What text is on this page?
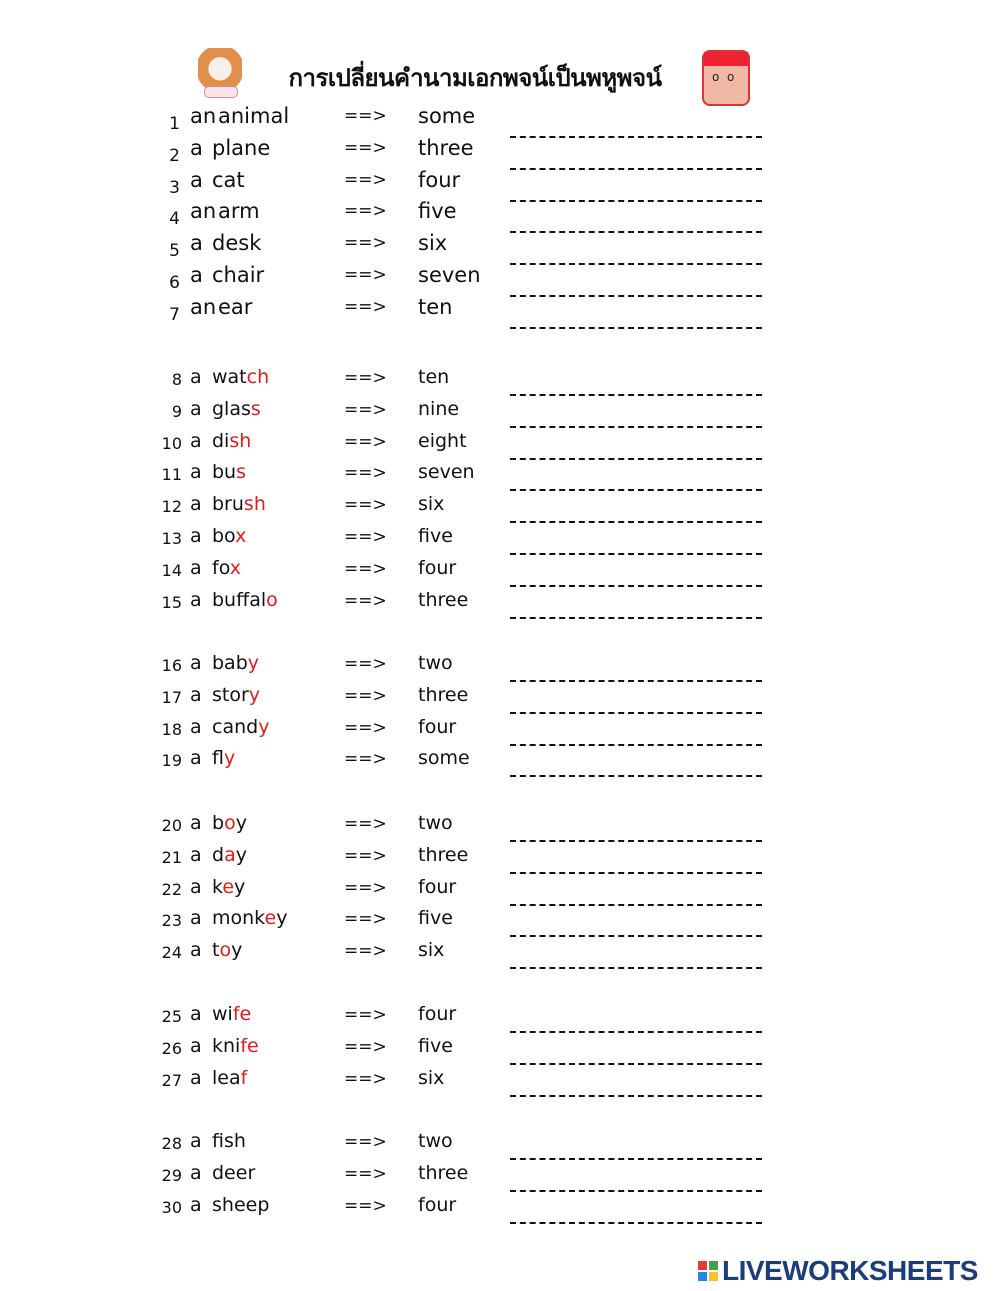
การเปลี่ยนคำนามเอกพจน์เป็นพหูพจน์	o  o
1 an animal	==> some
2 a plane	==> three
3 a cat	==> four
4 an arm	==> five
5 a desk	==> six
6 a chair	==> seven
7 an ear	==> ten
8 a watch	==> ten
9 a glass	==> nine
10 a dish	==> eight
11 a bus	==> seven
12 a brush	==> six
13 a box	==> five
14 a fox	==> four
15 a buffalo	==> three
16 a baby	==> two
17 a story	==> three
18 a candy	==> four
19 a fly	==> some
20 a boy	==> two
21 a day	==> three
22 a key	==> four
23 a monkey	==> five
24 a toy	==> six
25 a wife	==> four
26 a knife	==> five
27 a leaf	==> six
28 a fish	==> two
29 a deer	==> three
30 a sheep	==> four
LIVEWORKSHEETS
